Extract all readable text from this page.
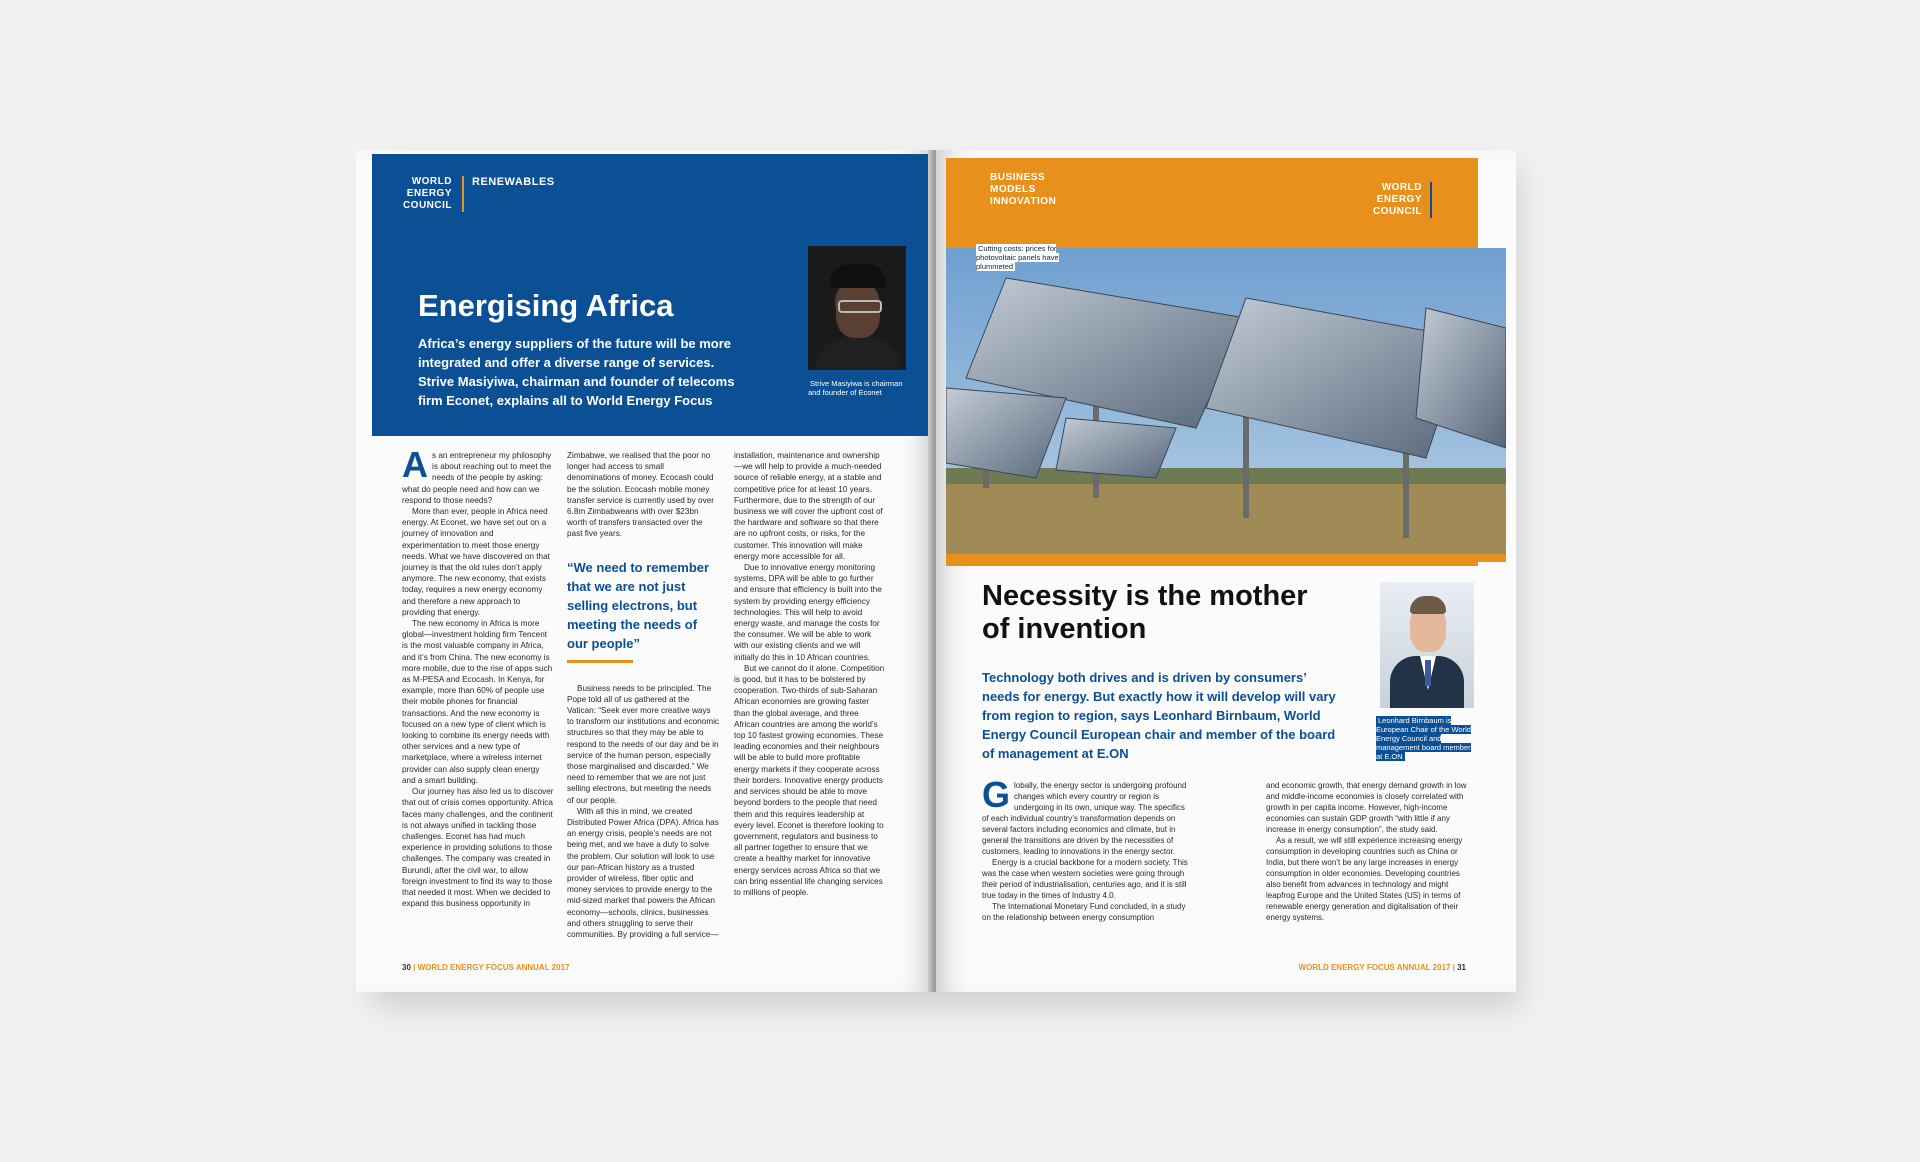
WORLD
ENERGY
COUNCIL
RENEWABLES
Energising Africa
Africa’s energy suppliers of the future will be more integrated and offer a diverse range of services. Strive Masiyiwa, chairman and founder of telecoms firm Econet, explains all to World Energy Focus
Strive Masiyiwa is chairman and founder of Econet

As an entrepreneur my philosophy is about reaching out to meet the needs of the people by asking: what do people need and how can we respond to those needs?

More than ever, people in Africa need energy. At Econet, we have set out on a journey of innovation and experimentation to meet those energy needs. What we have discovered on that journey is that the old rules don’t apply anymore. The new economy, that exists today, requires a new energy economy and therefore a new approach to providing that energy.

The new economy in Africa is more global—investment holding firm Tencent is the most valuable company in Africa, and it’s from China. The new economy is more mobile, due to the rise of apps such as M-PESA and Ecocash. In Kenya, for example, more than 60% of people use their mobile phones for financial transactions. And the new economy is focused on a new type of client which is looking to combine its energy needs with other services and a new type of marketplace, where a wireless internet provider can also supply clean energy and a smart building.

Our journey has also led us to discover that out of crisis comes opportunity. Africa faces many challenges, and the continent is not always unified in tackling those challenges. Econet has had much experience in providing solutions to those challenges. The company was created in Burundi, after the civil war, to allow foreign investment to find its way to those that needed it most. When we decided to expand this business opportunity in

Zimbabwe, we realised that the poor no longer had access to small denominations of money. Ecocash could be the solution. Ecocash mobile money transfer service is currently used by over 6.8m Zimbabweans with over $23bn worth of transfers transacted over the past five years.

“We need to remember that we are not just selling electrons, but meeting the needs of our people”

Business needs to be principled. The Pope told all of us gathered at the Vatican: “Seek ever more creative ways to transform our institutions and economic structures so that they may be able to respond to the needs of our day and be in service of the human person, especially those marginalised and discarded.” We need to remember that we are not just selling electrons, but meeting the needs of our people.

With all this in mind, we created Distributed Power Africa (DPA). Africa has an energy crisis, people’s needs are not being met, and we have a duty to solve the problem. Our solution will look to use our pan-African history as a trusted provider of wireless, fiber optic and money services to provide energy to the mid-sized market that powers the African economy—schools, clinics, businesses and others struggling to serve their communities. By providing a full service—

installation, maintenance and ownership—we will help to provide a much-needed source of reliable energy, at a stable and competitive price for at least 10 years. Furthermore, due to the strength of our business we will cover the upfront cost of the hardware and software so that there are no upfront costs, or risks, for the customer. This innovation will make energy more accessible for all.

Due to innovative energy monitoring systems, DPA will be able to go further and ensure that efficiency is built into the system by providing energy efficiency technologies. This will help to avoid energy waste, and manage the costs for the consumer. We will be able to work with our existing clients and we will initially do this in 10 African countries.

But we cannot do it alone. Competition is good, but it has to be bolstered by cooperation. Two-thirds of sub-Saharan African economies are growing faster than the global average, and three African countries are among the world’s top 10 fastest growing economies. These leading economies and their neighbours will be able to build more profitable energy markets if they cooperate across their borders. Innovative energy products and services should be able to move beyond borders to the people that need them and this requires leadership at every level. Econet is therefore looking to government, regulators and business to all partner together to ensure that we create a healthy market for innovative energy services across Africa so that we can bring essential life changing services to millions of people.

30 | WORLD ENERGY FOCUS ANNUAL 2017
BUSINESS
MODELS
INNOVATION
WORLD
ENERGY
COUNCIL
Cutting costs: prices for photovoltaic panels have plummeted
Necessity is the mother of invention
Technology both drives and is driven by consumers’ needs for energy. But exactly how it will develop will vary from region to region, says Leonhard Birnbaum, World Energy Council European chair and member of the board of management at E.ON
Leonhard Birnbaum is European Chair of the World Energy Council and management board member at E.ON

Globally, the energy sector is undergoing profound changes which every country or region is undergoing in its own, unique way. The specifics of each individual country’s transformation depends on several factors including economics and climate, but in general the transitions are driven by the necessities of customers, leading to innovations in the energy sector.

Energy is a crucial backbone for a modern society. This was the case when western societies were going through their period of industrialisation, centuries ago, and it is still true today in the times of Industry 4.0.

The International Monetary Fund concluded, in a study on the relationship between energy consumption

and economic growth, that energy demand growth in low and middle-income economies is closely correlated with growth in per capita income. However, high-income economies can sustain GDP growth “with little if any increase in energy consumption”, the study said.

As a result, we will still experience increasing energy consumption in developing countries such as China or India, but there won’t be any large increases in energy consumption in older economies. Developing countries also benefit from advances in technology and might leapfrog Europe and the United States (US) in terms of renewable energy generation and digitalisation of their energy systems.

WORLD ENERGY FOCUS ANNUAL 2017 | 31
